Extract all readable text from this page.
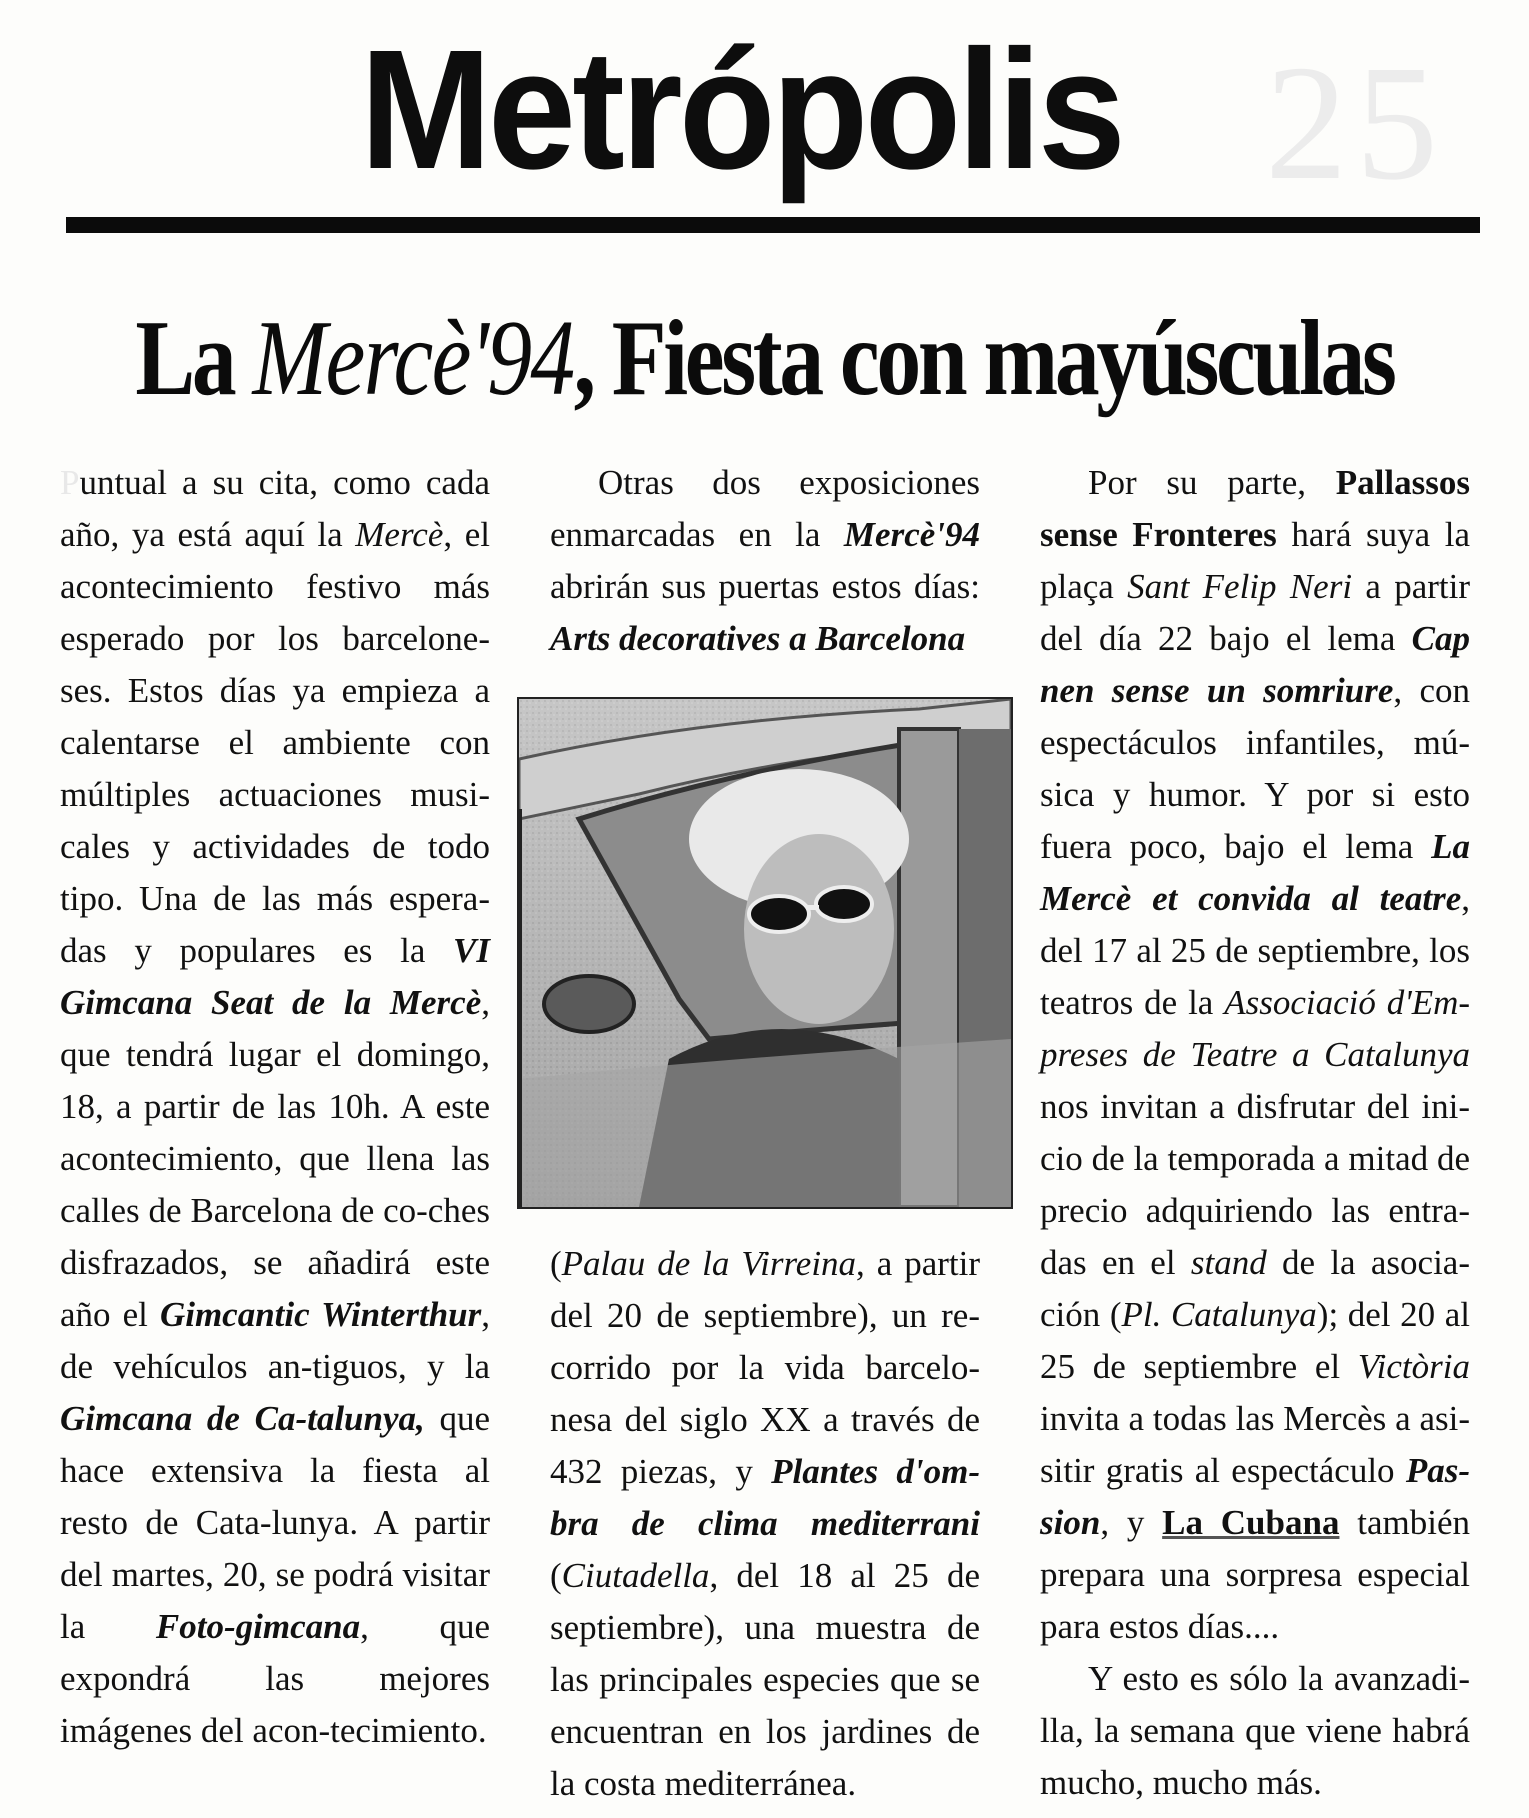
Metrópolis 25
La Mercè'94, Fiesta con mayúsculas

Puntual a su cita, como cada año, ya está aquí la Mercè, el acontecimiento festivo más esperado por los barcelone-ses. Estos días ya empieza a calentarse el ambiente con múltiples actuaciones musi-cales y actividades de todo tipo. Una de las más espera-das y populares es la VI Gimcana Seat de la Mercè, que tendrá lugar el domingo, 18, a partir de las 10h. A este acontecimiento, que llena las calles de Barcelona de co-ches disfrazados, se añadirá este año el Gimcantic Winterthur, de vehículos an-tiguos, y la Gimcana de Ca-talunya, que hace extensiva la fiesta al resto de Cata-lunya. A partir del martes, 20, se podrá visitar la Foto-gimcana, que expondrá las mejores imágenes del acon-tecimiento.

Otras dos exposiciones enmarcadas en la Mercè'94 abrirán sus puertas estos días: Arts decoratives a Barcelona

(Palau de la Virreina, a partir del 20 de septiembre), un re-corrido por la vida barcelo-nesa del siglo XX a través de 432 piezas, y Plantes d'om-bra de clima mediterrani (Ciutadella, del 18 al 25 de septiembre), una muestra de las principales especies que se encuentran en los jardines de la costa mediterránea.

Por su parte, Pallassos sense Fronteres hará suya la plaça Sant Felip Neri a partir del día 22 bajo el lema Cap nen sense un somriure, con espectáculos infantiles, mú-sica y humor. Y por si esto fuera poco, bajo el lema La Mercè et convida al teatre, del 17 al 25 de septiembre, los teatros de la Associació d'Em-preses de Teatre a Catalunya nos invitan a disfrutar del ini-cio de la temporada a mitad de precio adquiriendo las entra-das en el stand de la asocia-ción (Pl. Catalunya); del 20 al 25 de septiembre el Victòria invita a todas las Mercès a asi-sitir gratis al espectáculo Pas-sion, y La Cubana también prepara una sorpresa especial para estos días....

Y esto es sólo la avanzadi-lla, la semana que viene habrá mucho, mucho más.
